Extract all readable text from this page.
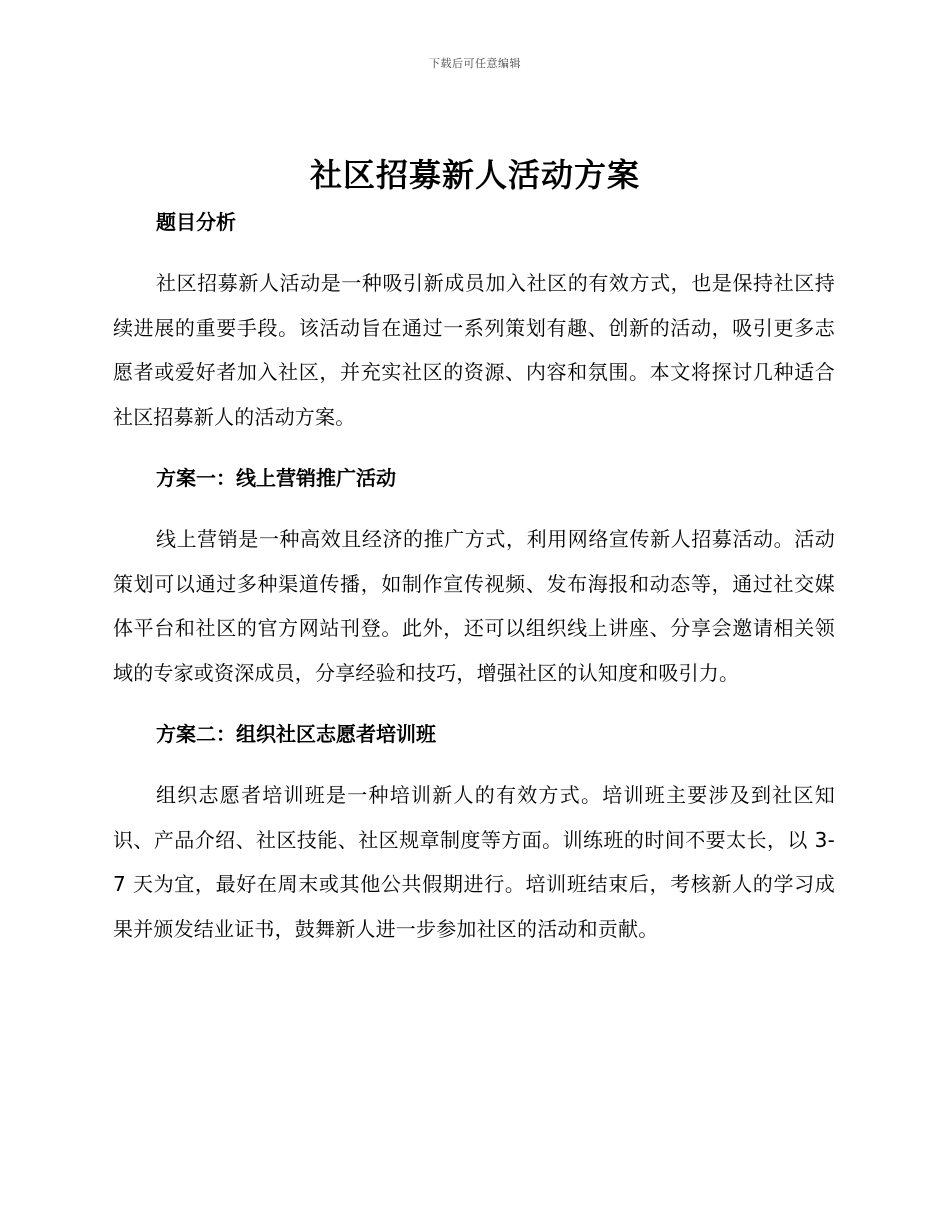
下载后可任意编辑
社区招募新人活动方案

题目分析

社区招募新人活动是一种吸引新成员加入社区的有效方式，也是保持社区持续进展的重要手段。该活动旨在通过一系列策划有趣、创新的活动，吸引更多志愿者或爱好者加入社区，并充实社区的资源、内容和氛围。本文将探讨几种适合社区招募新人的活动方案。

方案一：线上营销推广活动

线上营销是一种高效且经济的推广方式，利用网络宣传新人招募活动。活动策划可以通过多种渠道传播，如制作宣传视频、发布海报和动态等，通过社交媒体平台和社区的官方网站刊登。此外，还可以组织线上讲座、分享会邀请相关领域的专家或资深成员，分享经验和技巧，增强社区的认知度和吸引力。

方案二：组织社区志愿者培训班

组织志愿者培训班是一种培训新人的有效方式。培训班主要涉及到社区知识、产品介绍、社区技能、社区规章制度等方面。训练班的时间不要太长，以 3-7 天为宜，最好在周末或其他公共假期进行。培训班结束后，考核新人的学习成果并颁发结业证书，鼓舞新人进一步参加社区的活动和贡献。
